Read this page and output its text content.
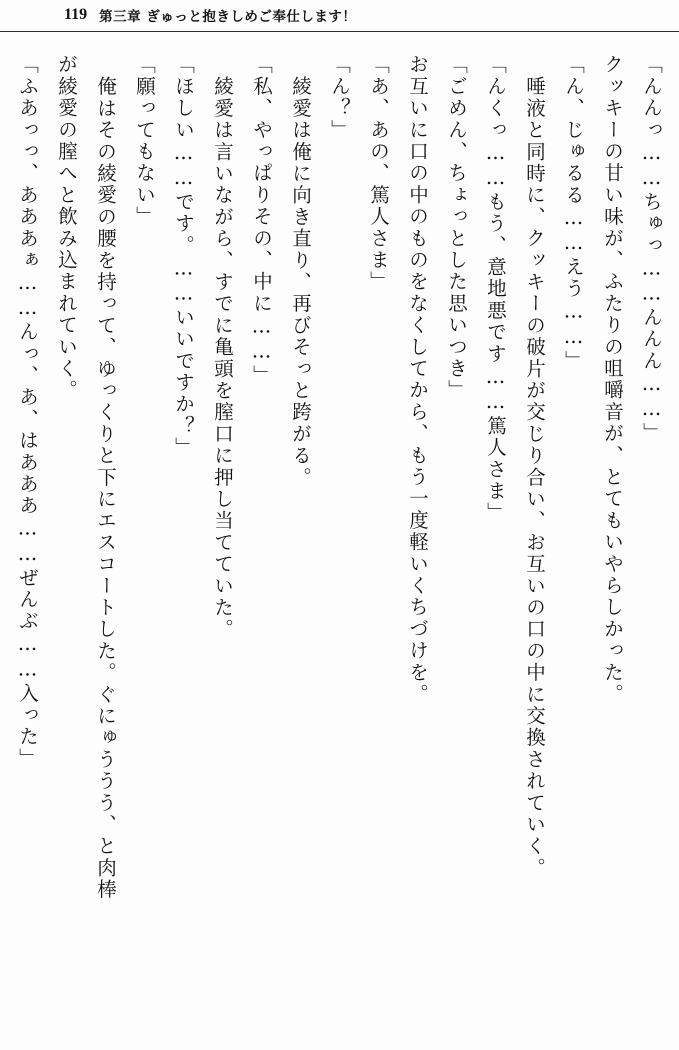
119 第三章 ぎゅっと抱きしめご奉仕します！
「んんっ……ちゅっ……んんん……」
クッキーの甘い味が、ふたりの咀嚼音が、とてもいやらしかった。
「ん、じゅるる……えう……」
唾液と同時に、クッキーの破片が交じり合い、お互いの口の中に交換されていく。
「んくっ……もう、意地悪です……篤人さま」
「ごめん、ちょっとした思いつき」
お互いに口の中のものをなくしてから、もう一度軽いくちづけを。
「あ、あの、篤人さま」
「ん？」
綾愛は俺に向き直り、再びそっと跨がる。
「私、やっぱりその、中に……」
綾愛は言いながら、すでに亀頭を膣口に押し当てていた。
「ほしい……です。……いいですか？」
「願ってもない」
俺はその綾愛の腰を持って、ゆっくりと下にエスコートした。ぐにゅううう、と肉棒
が綾愛の膣へと飲み込まれていく。
「ふあっっ、あああぁ……んっ、あ、はあああ……ぜんぶ……入った」
